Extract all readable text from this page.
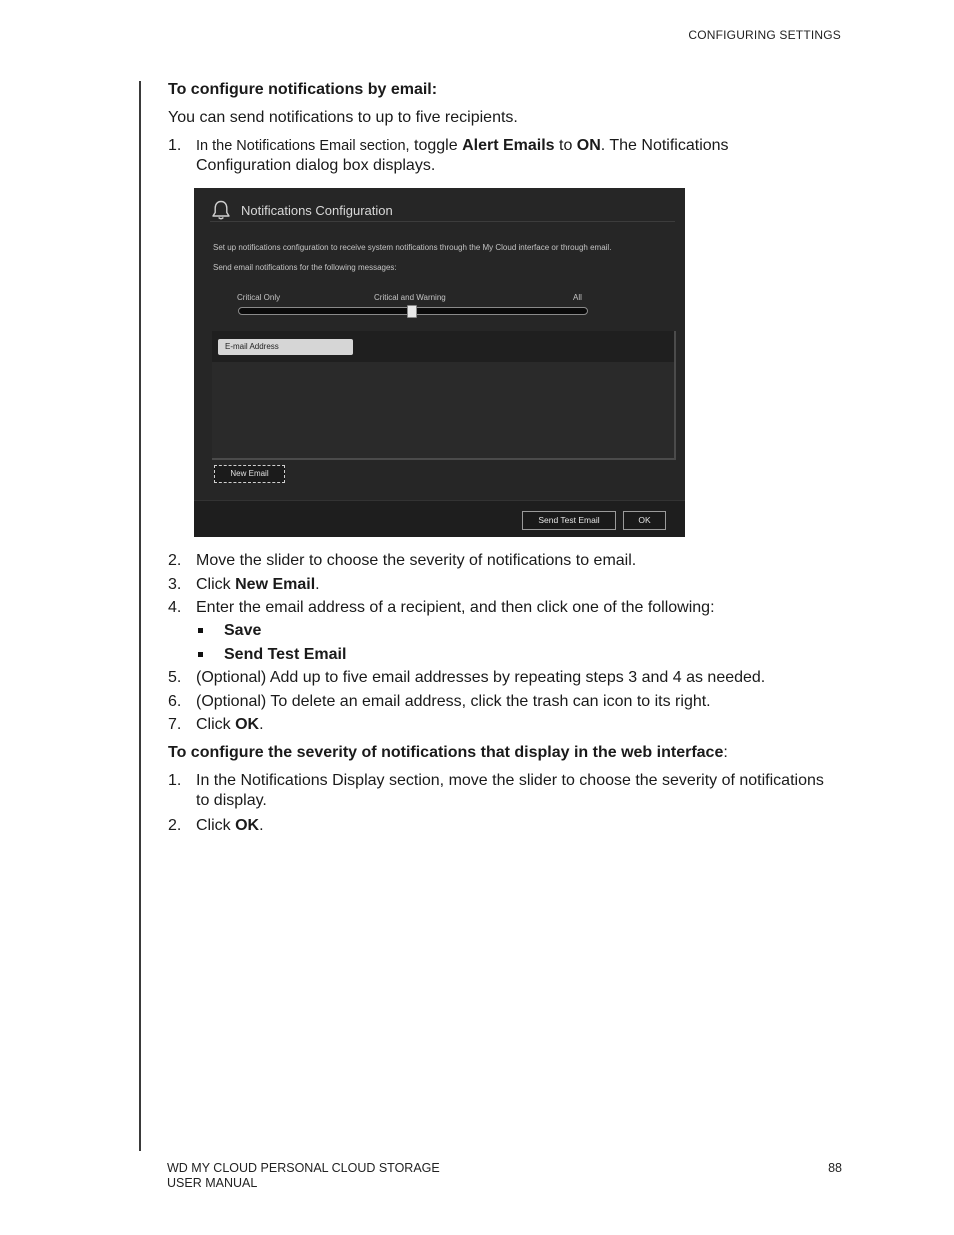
CONFIGURING SETTINGS

To configure notifications by email:

You can send notifications to up to five recipients.

1. In the Notifications Email section, toggle Alert Emails to ON. The Notifications
Configuration dialog box displays.
2. Move the slider to choose the severity of notifications to email.
3. Click New Email.
4. Enter the email address of a recipient, and then click one of the following:
Save
Send Test Email
5. (Optional) Add up to five email addresses by repeating steps 3 and 4 as needed.
6. (Optional) To delete an email address, click the trash can icon to its right.
7. Click OK.

To configure the severity of notifications that display in the web interface:

1. In the Notifications Display section, move the slider to choose the severity of notifications
to display.
2. Click OK.
Notifications Configuration
Set up notifications configuration to receive system notifications through the My Cloud interface or through email.
Send email notifications for the following messages:
Critical Only	Critical and Warning	All
E-mail Address
New Email
Send Test Email	OK
WD MY CLOUD PERSONAL CLOUD STORAGE
USER MANUAL
88
